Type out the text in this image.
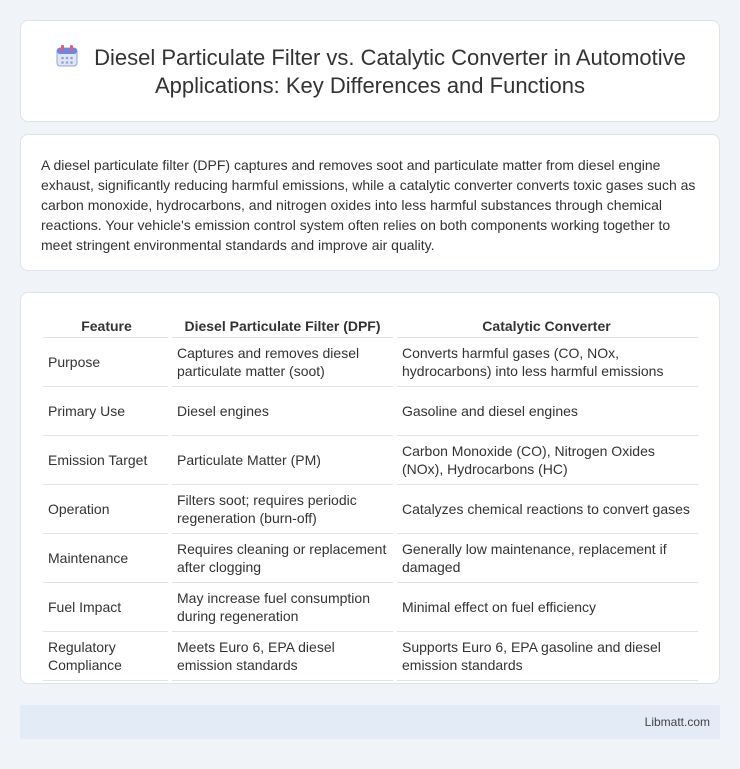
Diesel Particulate Filter vs. Catalytic Converter in Automotive Applications: Key Differences and Functions

A diesel particulate filter (DPF) captures and removes soot and particulate matter from diesel engine exhaust, significantly reducing harmful emissions, while a catalytic converter converts toxic gases such as carbon monoxide, hydrocarbons, and nitrogen oxides into less harmful substances through chemical reactions. Your vehicle's emission control system often relies on both components working together to meet stringent environmental standards and improve air quality.

Feature	Diesel Particulate Filter (DPF)	Catalytic Converter
Purpose	Captures and removes diesel particulate matter (soot)	Converts harmful gases (CO, NOx, hydrocarbons) into less harmful emissions
Primary Use	Diesel engines	Gasoline and diesel engines
Emission Target	Particulate Matter (PM)	Carbon Monoxide (CO), Nitrogen Oxides (NOx), Hydrocarbons (HC)
Operation	Filters soot; requires periodic regeneration (burn-off)	Catalyzes chemical reactions to convert gases
Maintenance	Requires cleaning or replacement after clogging	Generally low maintenance, replacement if damaged
Fuel Impact	May increase fuel consumption during regeneration	Minimal effect on fuel efficiency
Regulatory Compliance	Meets Euro 6, EPA diesel emission standards	Supports Euro 6, EPA gasoline and diesel emission standards
Libmatt.com
